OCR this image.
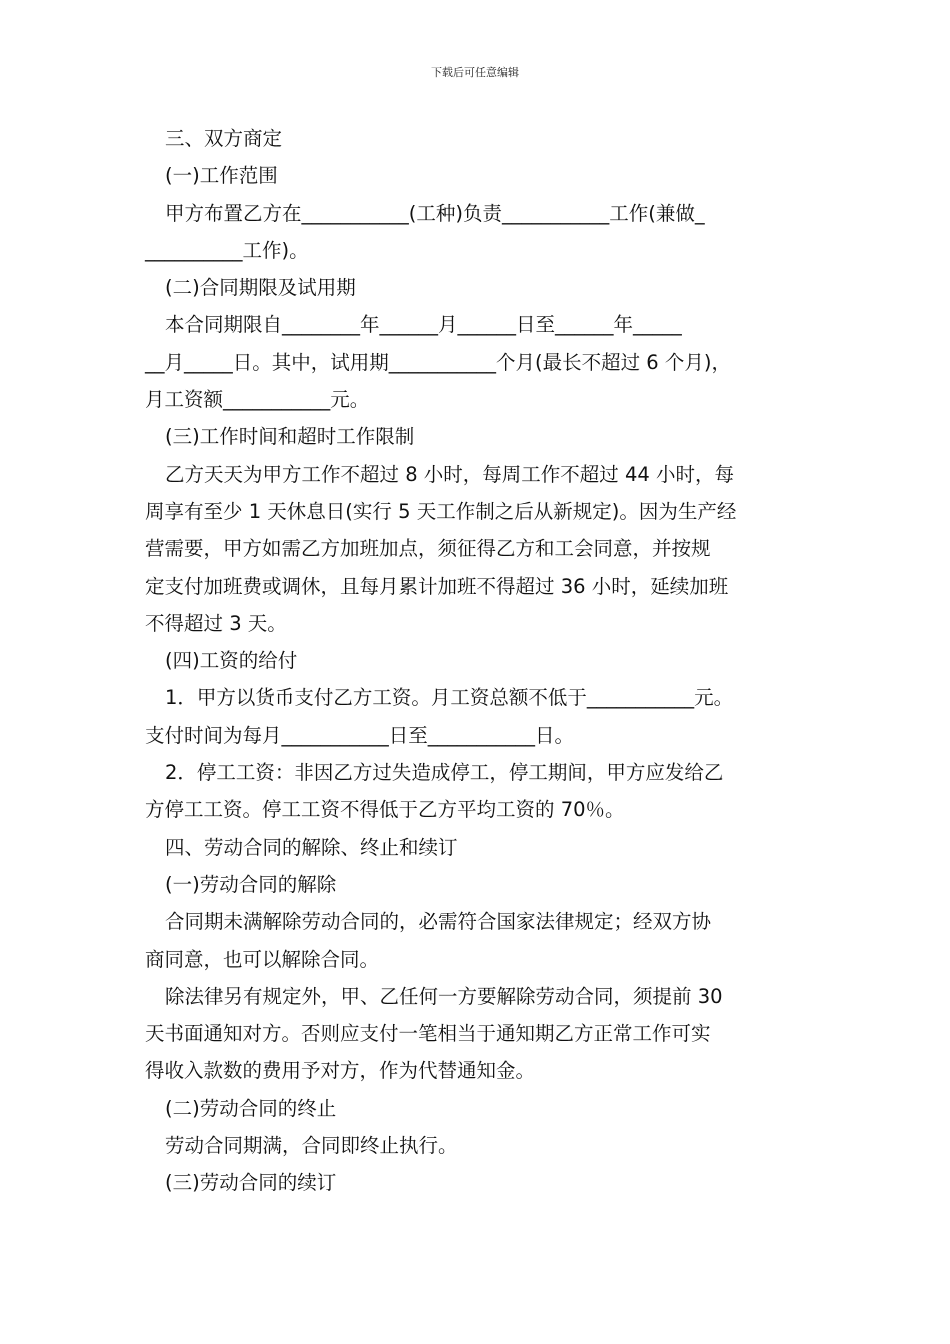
下载后可任意编辑

三、双方商定

(一)工作范围

甲方布置乙方在___________(工种)负责___________工作(兼做_

__________工作)。

(二)合同期限及试用期

本合同期限自________年______月______日至______年_____

__月_____日。其中，试用期___________个月(最长不超过 6 个月)，

月工资额___________元。

(三)工作时间和超时工作限制

乙方天天为甲方工作不超过 8 小时，每周工作不超过 44 小时，每

周享有至少 1 天休息日(实行 5 天工作制之后从新规定)。因为生产经

营需要，甲方如需乙方加班加点，须征得乙方和工会同意，并按规

定支付加班费或调休，且每月累计加班不得超过 36 小时，延续加班

不得超过 3 天。

(四)工资的给付

1．甲方以货币支付乙方工资。月工资总额不低于___________元。

支付时间为每月___________日至___________日。

2．停工工资：非因乙方过失造成停工，停工期间，甲方应发给乙

方停工工资。停工工资不得低于乙方平均工资的 70％。

四、劳动合同的解除、终止和续订

(一)劳动合同的解除

合同期未满解除劳动合同的，必需符合国家法律规定；经双方协

商同意，也可以解除合同。

除法律另有规定外，甲、乙任何一方要解除劳动合同，须提前 30

天书面通知对方。否则应支付一笔相当于通知期乙方正常工作可实

得收入款数的费用予对方，作为代替通知金。

(二)劳动合同的终止

劳动合同期满，合同即终止执行。

(三)劳动合同的续订
